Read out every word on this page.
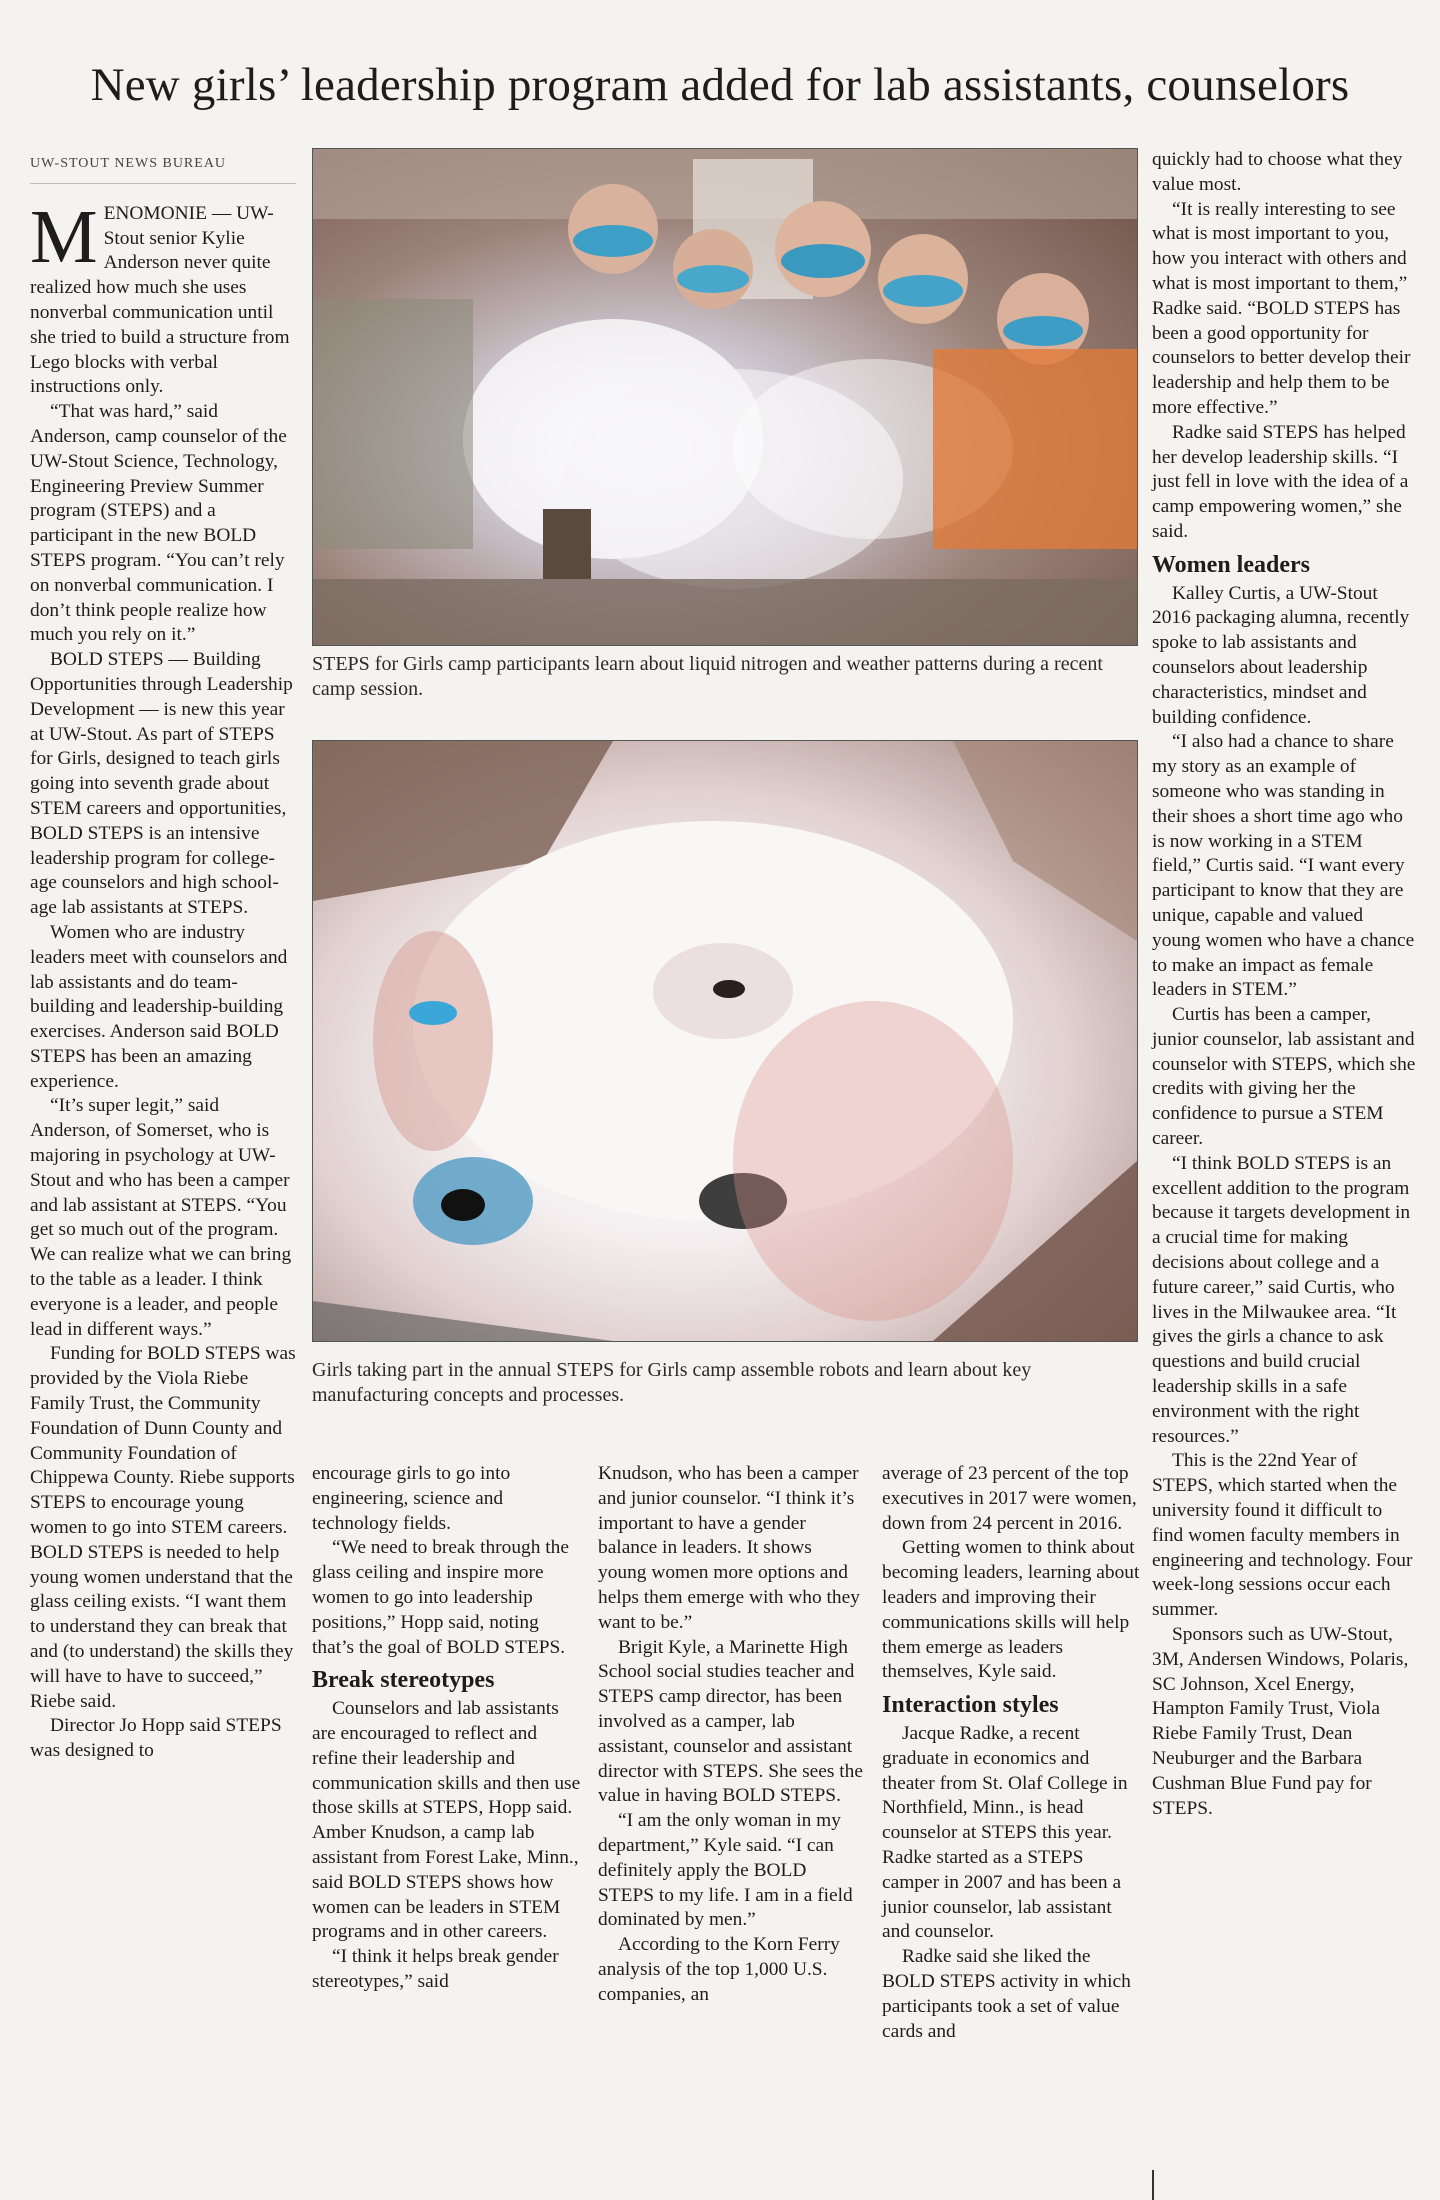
New girls’ leadership program added for lab assistants, counselors
UW-STOUT NEWS BUREAU

MENOMONIE — UW-Stout senior Kylie Anderson never quite realized how much she uses nonverbal communication until she tried to build a structure from Lego blocks with verbal instructions only.

“That was hard,” said Anderson, camp counselor of the UW-Stout Science, Technology, Engineering Preview Summer program (STEPS) and a participant in the new BOLD STEPS program. “You can’t rely on nonverbal communication. I don’t think people realize how much you rely on it.”

BOLD STEPS — Building Opportunities through Leadership Development — is new this year at UW-Stout. As part of STEPS for Girls, designed to teach girls going into seventh grade about STEM careers and opportunities, BOLD STEPS is an intensive leadership program for college-age counselors and high school-age lab assistants at STEPS.

Women who are industry leaders meet with counselors and lab assistants and do team-building and leadership-building exercises. Anderson said BOLD STEPS has been an amazing experience.

“It’s super legit,” said Anderson, of Somerset, who is majoring in psychology at UW-Stout and who has been a camper and lab assistant at STEPS. “You get so much out of the program. We can realize what we can bring to the table as a leader. I think everyone is a leader, and people lead in different ways.”

Funding for BOLD STEPS was provided by the Viola Riebe Family Trust, the Community Foundation of Dunn County and Community Foundation of Chippewa County. Riebe supports STEPS to encourage young women to go into STEM careers. BOLD STEPS is needed to help young women understand that the glass ceiling exists. “I want them to understand they can break that and (to understand) the skills they will have to have to succeed,” Riebe said.

Director Jo Hopp said STEPS was designed to

STEPS for Girls camp participants learn about liquid nitrogen and weather patterns during a recent camp session.
Girls taking part in the annual STEPS for Girls camp assemble robots and learn about key manufacturing concepts and processes.

encourage girls to go into engineering, science and technology fields.

“We need to break through the glass ceiling and inspire more women to go into leadership positions,” Hopp said, noting that’s the goal of BOLD STEPS.

Break stereotypes

Counselors and lab assistants are encouraged to reflect and refine their leadership and communication skills and then use those skills at STEPS, Hopp said. Amber Knudson, a camp lab assistant from Forest Lake, Minn., said BOLD STEPS shows how women can be leaders in STEM programs and in other careers.

“I think it helps break gender stereotypes,” said

Knudson, who has been a camper and junior counselor. “I think it’s important to have a gender balance in leaders. It shows young women more options and helps them emerge with who they want to be.”

Brigit Kyle, a Marinette High School social studies teacher and STEPS camp director, has been involved as a camper, lab assistant, counselor and assistant director with STEPS. She sees the value in having BOLD STEPS.

“I am the only woman in my department,” Kyle said. “I can definitely apply the BOLD STEPS to my life. I am in a field dominated by men.”

According to the Korn Ferry analysis of the top 1,000 U.S. companies, an

average of 23 percent of the top executives in 2017 were women, down from 24 percent in 2016.

Getting women to think about becoming leaders, learning about leaders and improving their communications skills will help them emerge as leaders themselves, Kyle said.

Interaction styles

Jacque Radke, a recent graduate in economics and theater from St. Olaf College in Northfield, Minn., is head counselor at STEPS this year. Radke started as a STEPS camper in 2007 and has been a junior counselor, lab assistant and counselor.

Radke said she liked the BOLD STEPS activity in which participants took a set of value cards and

quickly had to choose what they value most.

“It is really interesting to see what is most important to you, how you interact with others and what is most important to them,” Radke said. “BOLD STEPS has been a good opportunity for counselors to better develop their leadership and help them to be more effective.”

Radke said STEPS has helped her develop leadership skills. “I just fell in love with the idea of a camp empowering women,” she said.

Women leaders

Kalley Curtis, a UW-Stout 2016 packaging alumna, recently spoke to lab assistants and counselors about leadership characteristics, mindset and building confidence.

“I also had a chance to share my story as an example of someone who was standing in their shoes a short time ago who is now working in a STEM field,” Curtis said. “I want every participant to know that they are unique, capable and valued young women who have a chance to make an impact as female leaders in STEM.”

Curtis has been a camper, junior counselor, lab assistant and counselor with STEPS, which she credits with giving her the confidence to pursue a STEM career.

“I think BOLD STEPS is an excellent addition to the program because it targets development in a crucial time for making decisions about college and a future career,” said Curtis, who lives in the Milwaukee area. “It gives the girls a chance to ask questions and build crucial leadership skills in a safe environment with the right resources.”

This is the 22nd Year of STEPS, which started when the university found it difficult to find women faculty members in engineering and technology. Four week-long sessions occur each summer.

Sponsors such as UW-Stout, 3M, Andersen Windows, Polaris, SC Johnson, Xcel Energy, Hampton Family Trust, Viola Riebe Family Trust, Dean Neuburger and the Barbara Cushman Blue Fund pay for STEPS.
